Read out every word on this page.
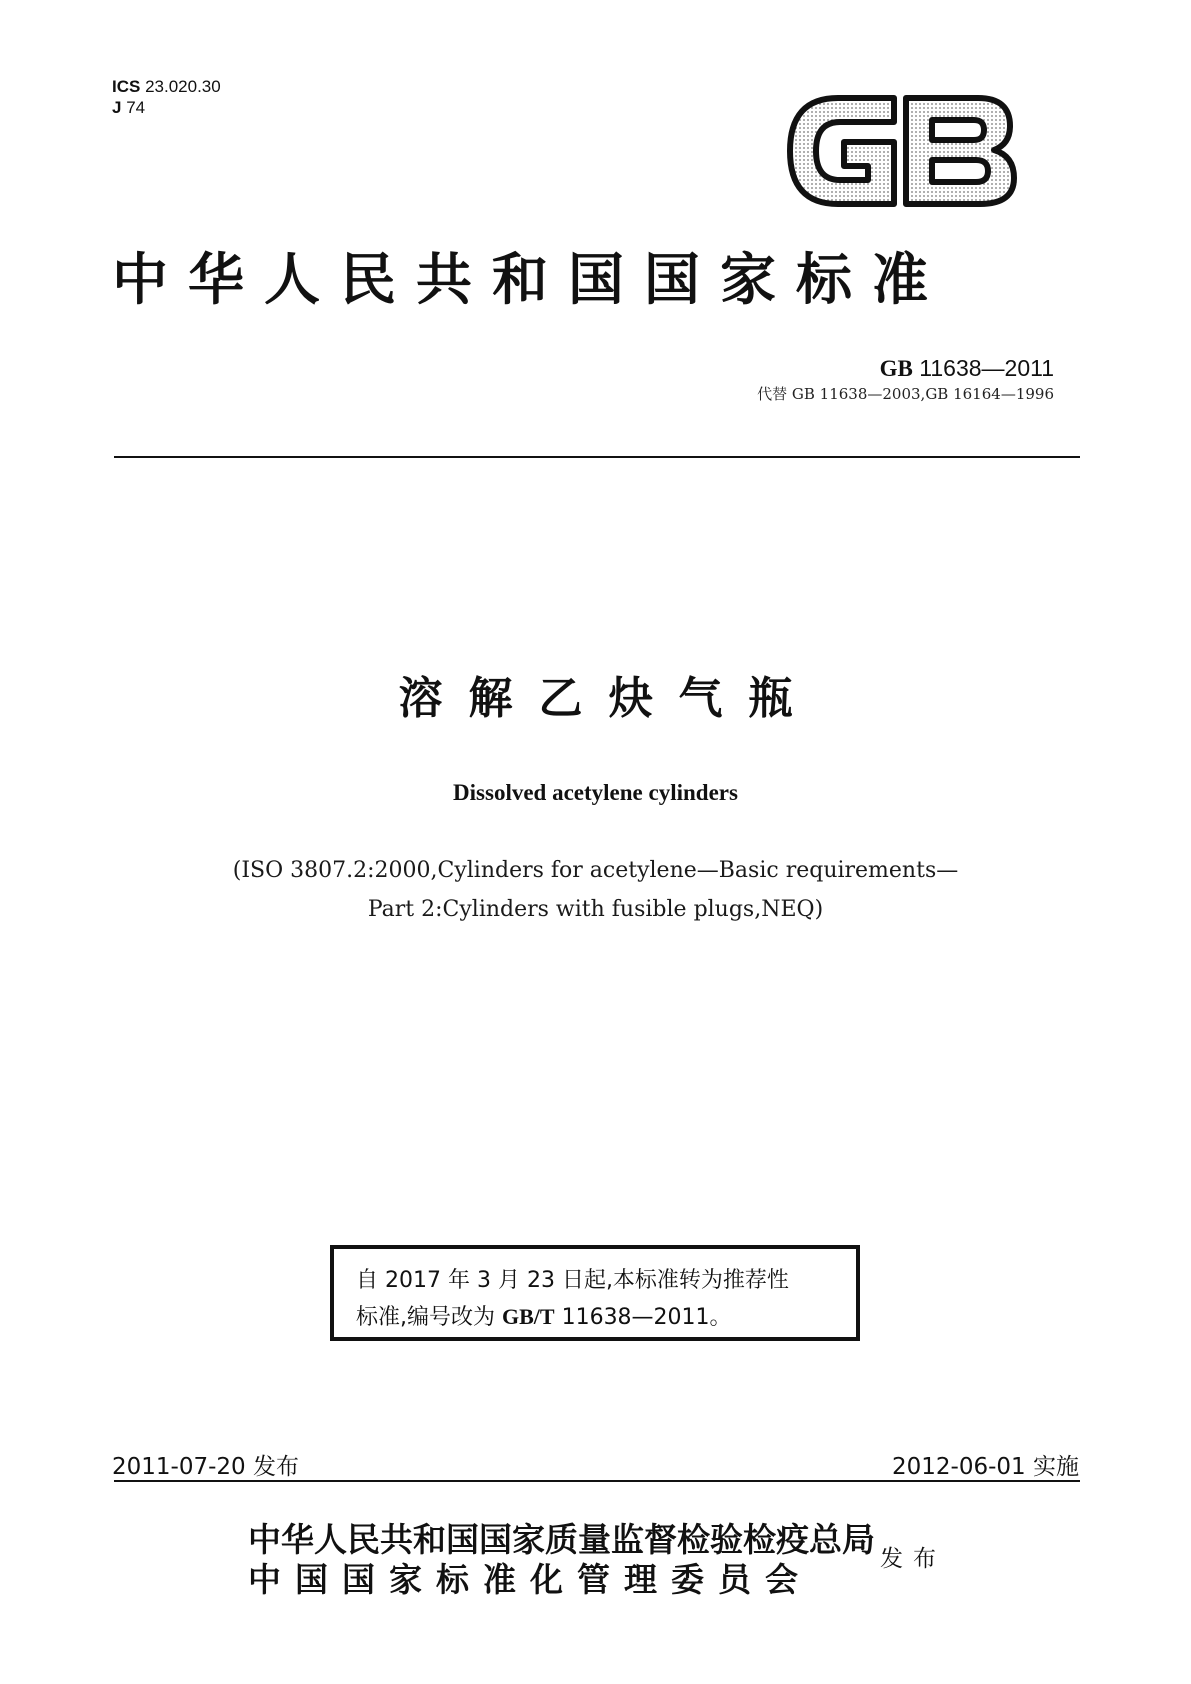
ICS 23.020.30
J 74
中华人民共和国国家标准
GB 11638—2011
代替 GB 11638—2003,GB 16164—1996
溶解乙炔气瓶
Dissolved acetylene cylinders
(ISO 3807.2:2000,Cylinders for acetylene—Basic requirements—
Part 2:Cylinders with fusible plugs,NEQ)

自 2017 年 3 月 23 日起,本标准转为推荐性

标准,编号改为 GB/T 11638—2011。

2011-07-20 发布	2012-06-01 实施
中华人民共和国国家质量监督检验检疫总局
中国国家标准化管理委员会
发布
